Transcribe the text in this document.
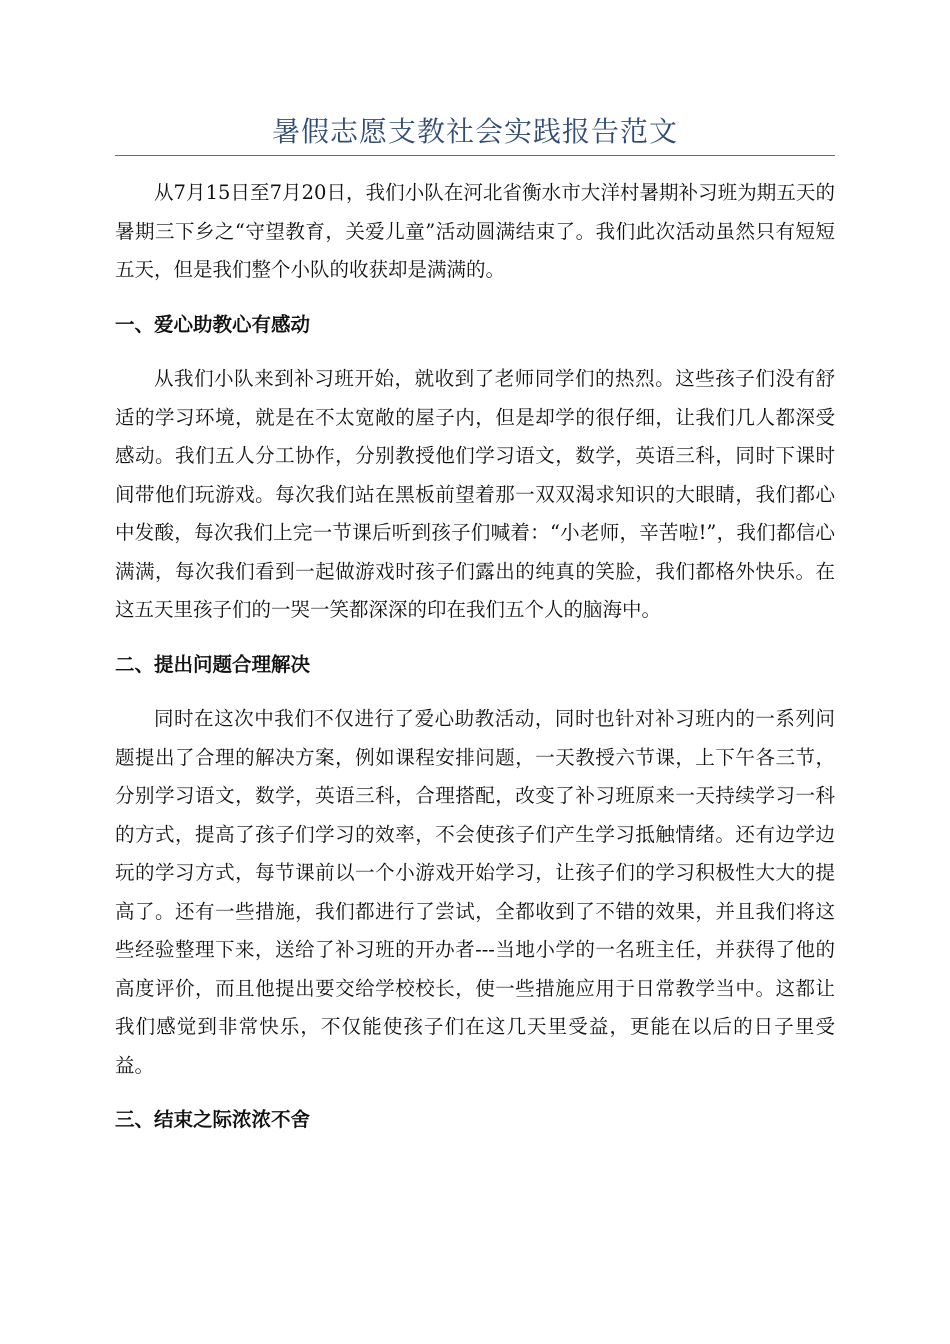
暑假志愿支教社会实践报告范文

从7月15日至7月20日，我们小队在河北省衡水市大洋村暑期补习班为期五天的暑期三下乡之“守望教育，关爱儿童”活动圆满结束了。我们此次活动虽然只有短短五天，但是我们整个小队的收获却是满满的。

一、爱心助教心有感动

从我们小队来到补习班开始，就收到了老师同学们的热烈。这些孩子们没有舒适的学习环境，就是在不太宽敞的屋子内，但是却学的很仔细，让我们几人都深受感动。我们五人分工协作，分别教授他们学习语文，数学，英语三科，同时下课时间带他们玩游戏。每次我们站在黑板前望着那一双双渴求知识的大眼睛，我们都心中发酸，每次我们上完一节课后听到孩子们喊着：“小老师，辛苦啦!”，我们都信心满满，每次我们看到一起做游戏时孩子们露出的纯真的笑脸，我们都格外快乐。在这五天里孩子们的一哭一笑都深深的印在我们五个人的脑海中。

二、提出问题合理解决

同时在这次中我们不仅进行了爱心助教活动，同时也针对补习班内的一系列问题提出了合理的解决方案，例如课程安排问题，一天教授六节课，上下午各三节，分别学习语文，数学，英语三科，合理搭配，改变了补习班原来一天持续学习一科的方式，提高了孩子们学习的效率，不会使孩子们产生学习抵触情绪。还有边学边玩的学习方式，每节课前以一个小游戏开始学习，让孩子们的学习积极性大大的提高了。还有一些措施，我们都进行了尝试，全都收到了不错的效果，并且我们将这些经验整理下来，送给了补习班的开办者---当地小学的一名班主任，并获得了他的高度评价，而且他提出要交给学校校长，使一些措施应用于日常教学当中。这都让我们感觉到非常快乐，不仅能使孩子们在这几天里受益，更能在以后的日子里受益。

三、结束之际浓浓不舍
